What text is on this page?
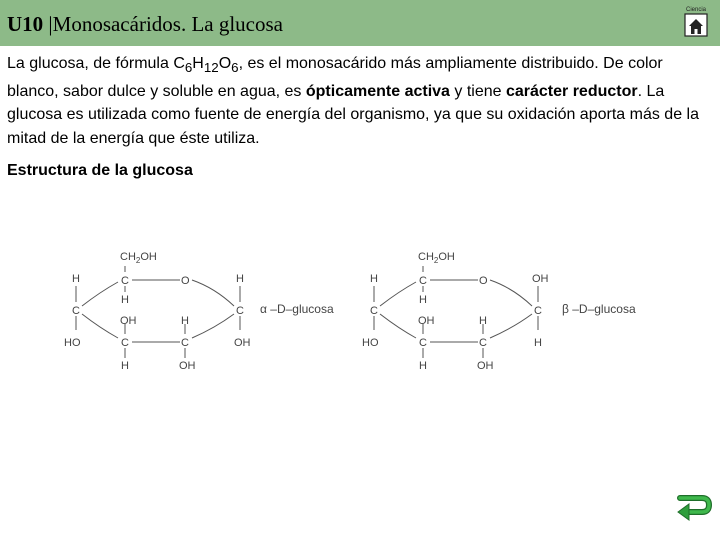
U10 |Monosacáridos. La glucosa
Ciencia
La glucosa, de fórmula $C_6H_{12}O_6$, es el monosacárido más ampliamente distribuido. De color blanco, sabor dulce y soluble en agua, es ópticamente activa y tiene carácter reductor. La glucosa es utilizada como fuente de energía del organismo, ya que su oxidación aporta más de la mitad de la energía que éste utiliza.
Estructura de la glucosa
$CH_2OH$
C
H
O
H
C
HO
H
C
OH
OH
C
H
H
C
OH
α –D–glucosa
$CH_2OH$
C
H
O
H
C
HO
OH
C
H
OH
C
H
H
C
OH
β –D–glucosa
